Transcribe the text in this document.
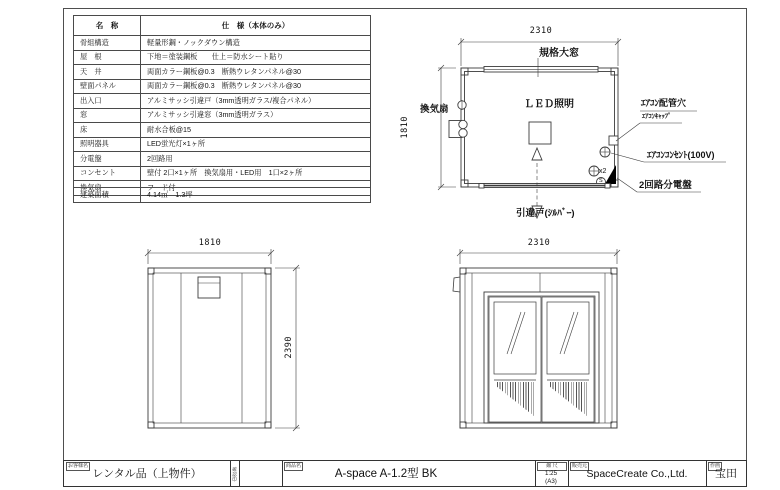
名　称	仕　様（本体のみ）
骨組構造	軽量形鋼・ノックダウン構造
屋　根	下地＝塗装鋼板　　仕上＝防水シート貼り
天　井	両面カラー鋼板@0.3　断熱ウレタンパネル@30
壁面パネル	両面カラー鋼板@0.3　断熱ウレタンパネル@30
出入口	アルミサッシ引違戸（3mm透明ガラス/複合パネル）
窓	アルミサッシ引違窓（3mm透明ガラス）
床	耐水合板@15
照明器具	LED蛍光灯×1ヶ所
分電盤	2回路用
コンセント	壁付 2口×1ヶ所　換気扇用・LED用　1口×2ヶ所
換気扇	フード付
建築面積	4.14㎡　1.3坪
2310
1810
規格大窓
換気扇	ＬＥＤ照明	ｴｱｺﾝ配管穴
ｴｱｺﾝｷｬｯﾌﾟ
ｴｱｺﾝｺﾝｾﾝﾄ(100V)
2回路分電盤
x2
S
引違戸(ｼﾙﾊﾞｰ)
1810
2390
2310
お客様名
レンタル品（上物件）	確認印
商品名
A-space A-1.2型 BK
縮 尺
1:25
(A3)
販売元
SpaceCreate Co.,Ltd.
作画
宝田
